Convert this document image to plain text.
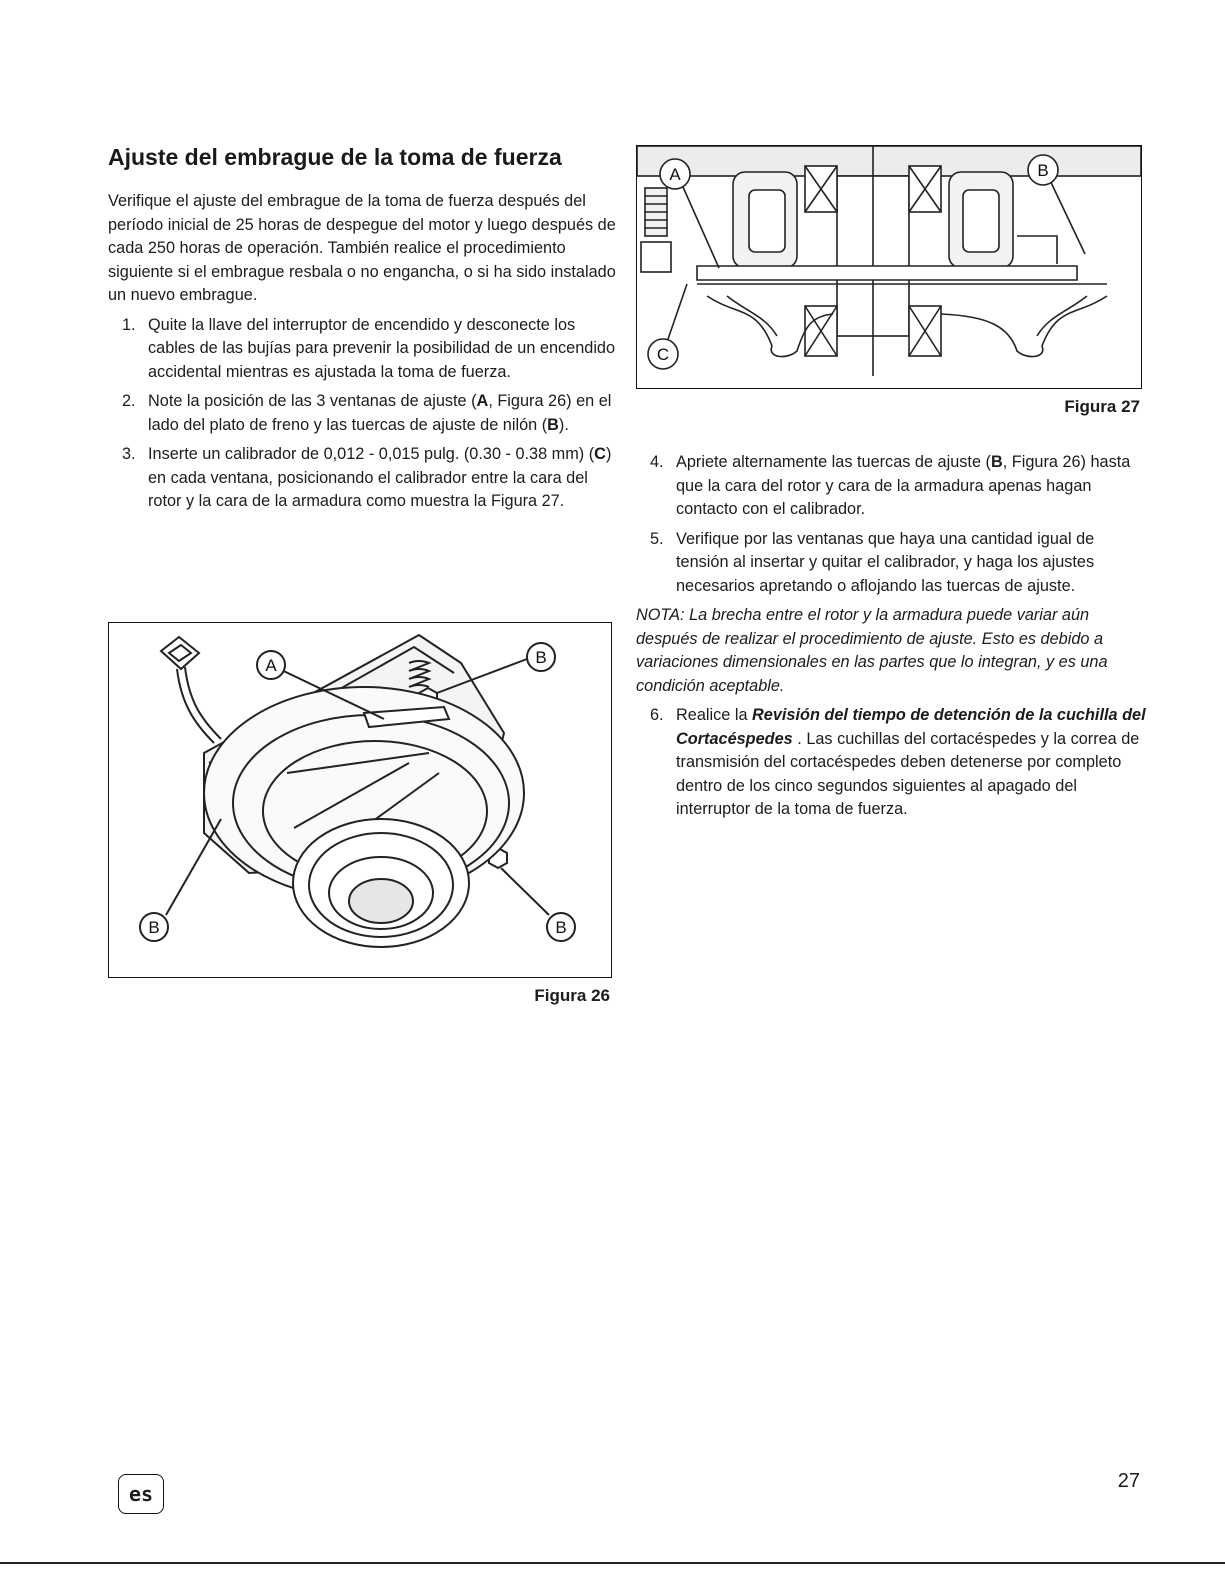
Ajuste del embrague de la toma de fuerza

Verifique el ajuste del embrague de la toma de fuerza después del período inicial de 25 horas de despegue del motor y luego después de cada 250 horas de operación. También realice el procedimiento siguiente si el embrague resbala o no engancha, o si ha sido instalado un nuevo embrague.

1. Quite la llave del interruptor de encendido y desconecte los cables de las bujías para prevenir la posibilidad de un encendido accidental mientras es ajustada la toma de fuerza.
2. Note la posición de las 3 ventanas de ajuste (A, Figura 26) en el lado del plato de freno y las tuercas de ajuste de nilón (B).
3. Inserte un calibrador de 0,012 - 0,015 pulg. (0.30 - 0.38 mm) (C) en cada ventana, posicionando el calibrador entre la cara del rotor y la cara de la armadura como muestra la Figura 27.
A	B
B	B
Figura 26
A	B
C
Figura 27
4. Apriete alternamente las tuercas de ajuste (B, Figura 26) hasta que la cara del rotor y cara de la armadura apenas hagan contacto con el calibrador.
5. Verifique por las ventanas que haya una cantidad igual de tensión al insertar y quitar el calibrador, y haga los ajustes necesarios apretando o aflojando las tuercas de ajuste.

NOTA: La brecha entre el rotor y la armadura puede variar aún después de realizar el procedimiento de ajuste. Esto es debido a variaciones dimensionales en las partes que lo integran, y es una condición aceptable.

6. Realice la Revisión del tiempo de detención de la cuchilla del Cortacéspedes . Las cuchillas del cortacéspedes y la correa de transmisión del cortacéspedes deben detenerse por completo dentro de los cinco segundos siguientes al apagado del interruptor de la toma de fuerza.
es
27
